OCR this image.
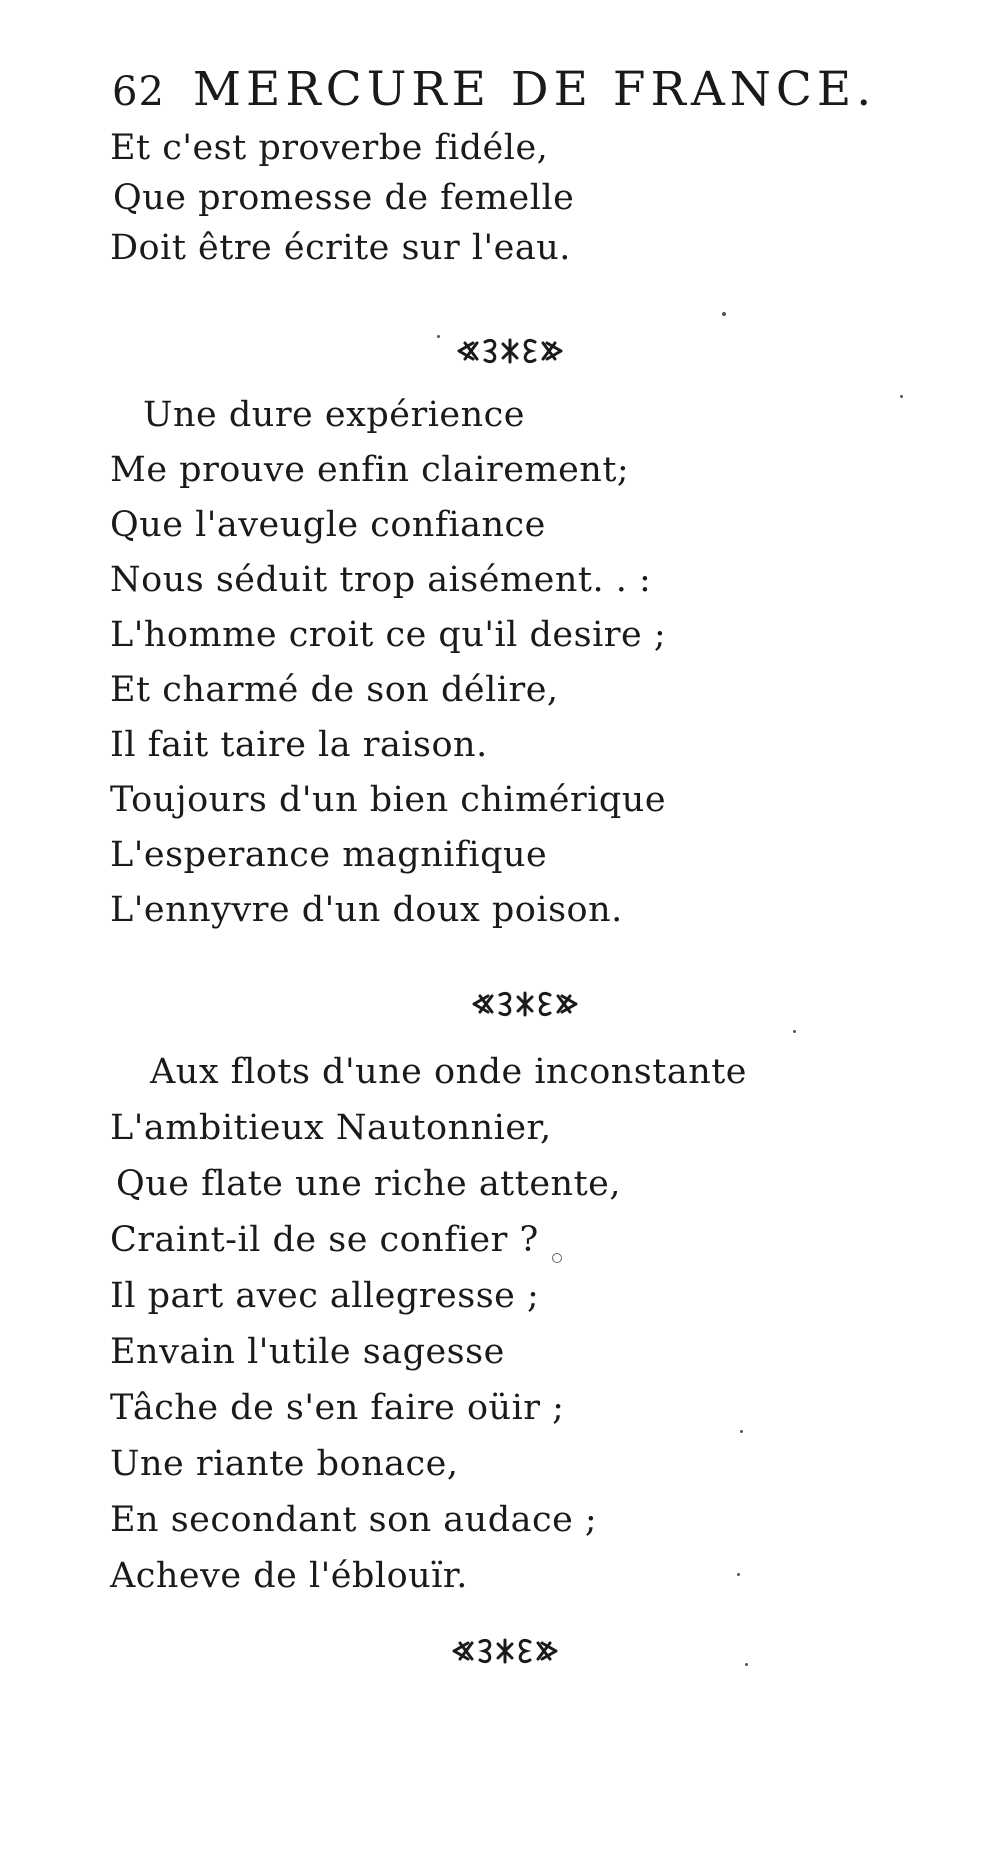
62 MERCURE DE FRANCE.
Et c'est proverbe fidéle,
Que promesse de femelle
Doit être écrite sur l'eau.
Une dure expérience
Me prouve enfin clairement;
Que l'aveugle confiance
Nous séduit trop aisément. . :
L'homme croit ce qu'il desire ;
Et charmé de son délire,
Il fait taire la raison.
Toujours d'un bien chimérique
L'esperance magnifique
L'ennyvre d'un doux poison.
Aux flots d'une onde inconstante
L'ambitieux Nautonnier,
Que flate une riche attente,
Craint-il de se confier ?
Il part avec allegresse ;
Envain l'utile sagesse
Tâche de s'en faire oüir ;
Une riante bonace,
En secondant son audace ;
Acheve de l'éblouïr.
